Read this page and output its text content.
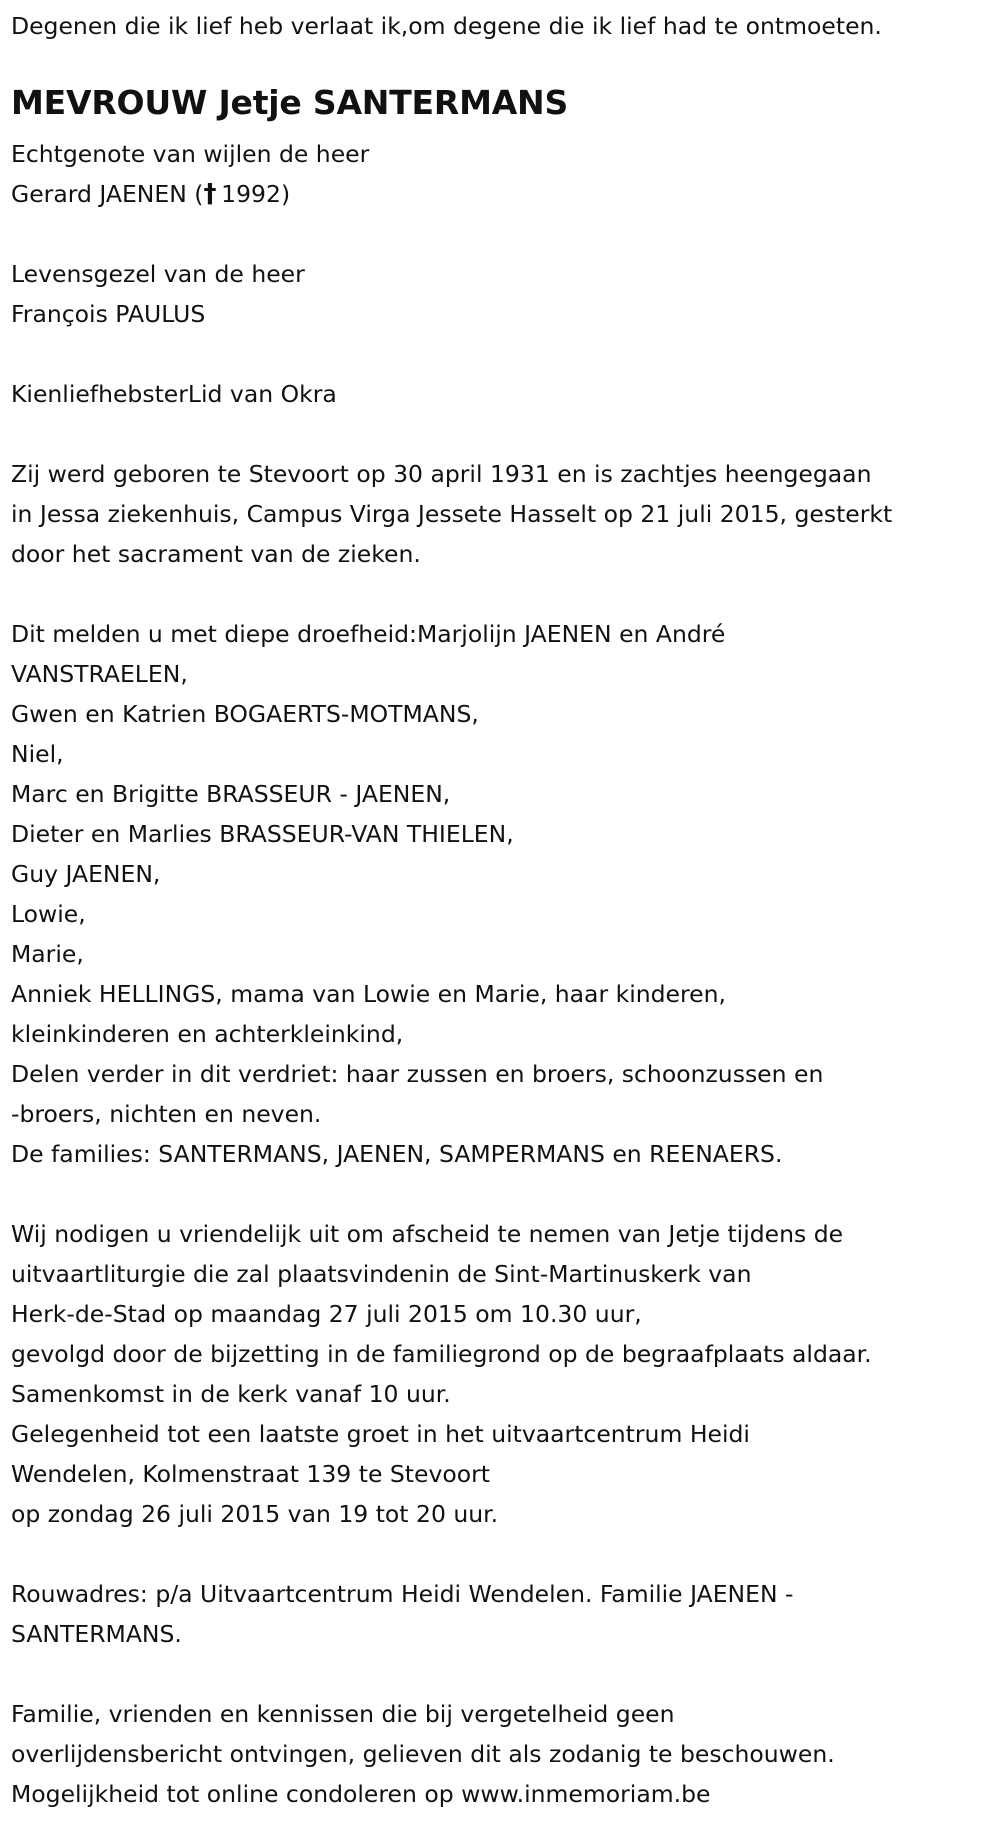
Degenen die ik lief heb verlaat ik,om degene die ik lief had te ontmoeten.
MEVROUW Jetje SANTERMANS
Echtgenote van wijlen de heer
Gerard JAENEN (†  1992)
Levensgezel van de heer
François PAULUS
KienliefhebsterLid van Okra
Zij werd geboren te Stevoort op 30 april 1931 en is zachtjes heengegaan
in Jessa ziekenhuis, Campus Virga Jessete Hasselt op 21 juli 2015, gesterkt
door het sacrament van de zieken.
Dit melden u met diepe droefheid:Marjolijn JAENEN en André
VANSTRAELEN,
Gwen en Katrien BOGAERTS-MOTMANS,
Niel,
Marc en Brigitte BRASSEUR - JAENEN,
Dieter en Marlies BRASSEUR-VAN THIELEN,
Guy JAENEN,
Lowie,
Marie,
Anniek HELLINGS, mama van Lowie en Marie, haar kinderen,
kleinkinderen en achterkleinkind,
Delen verder in dit verdriet: haar zussen en broers, schoonzussen en
-broers, nichten en neven.
De families: SANTERMANS, JAENEN, SAMPERMANS en REENAERS.
Wij nodigen u vriendelijk uit om afscheid te nemen van Jetje tijdens de
uitvaartliturgie die zal plaatsvindenin de Sint-Martinuskerk van
Herk-de-Stad op maandag 27 juli 2015 om 10.30 uur,
gevolgd door de bijzetting in de familiegrond op de begraafplaats aldaar.
Samenkomst in de kerk vanaf 10 uur.
Gelegenheid tot een laatste groet in het uitvaartcentrum Heidi
Wendelen, Kolmenstraat 139 te Stevoort
op zondag 26 juli 2015 van 19 tot 20 uur.
Rouwadres: p/a Uitvaartcentrum Heidi Wendelen. Familie JAENEN -
SANTERMANS.
Familie, vrienden en kennissen die bij vergetelheid geen
overlijdensbericht ontvingen, gelieven dit als zodanig te beschouwen.
Mogelijkheid tot online condoleren op www.inmemoriam.be
